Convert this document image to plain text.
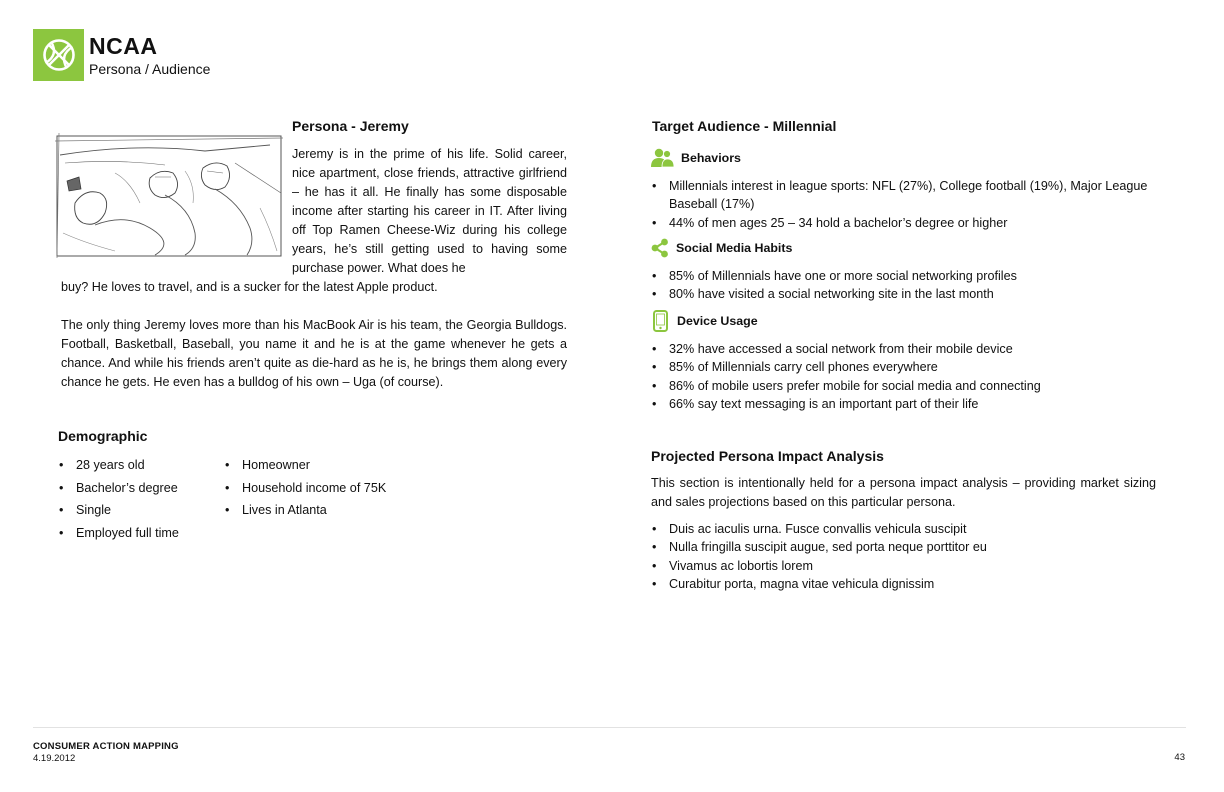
NCAA
Persona / Audience
Persona - Jeremy
Jeremy is in the prime of his life. Solid career, nice apartment, close friends, attractive girlfriend – he has it all. He finally has some disposable income after starting his career in IT. After living off Top Ramen Cheese-Wiz during his college years, he’s still getting used to having some purchase power. What does he
buy? He loves to travel, and is a sucker for the latest Apple product.
The only thing Jeremy loves more than his MacBook Air is his team, the Georgia Bulldogs. Football, Basketball, Baseball, you name it and he is at the game whenever he gets a chance. And while his friends aren’t quite as die-hard as he is, he brings them along every chance he gets. He even has a bulldog of his own – Uga (of course).
Demographic
• 28 years old
• Bachelor’s degree
• Single
• Employed full time
• Homeowner
• Household income of 75K
• Lives in Atlanta
Target Audience - Millennial
Behaviors
• Millennials interest in league sports: NFL (27%), College football (19%), Major League Baseball (17%)
• 44% of men ages 25 – 34 hold a bachelor’s degree or higher
Social Media Habits
• 85% of Millennials have one or more social networking profiles
• 80% have visited a social networking site in the last month
Device Usage
• 32% have accessed a social network from their mobile device
• 85% of Millennials carry cell phones everywhere
• 86% of mobile users prefer mobile for social media and connecting
• 66% say text messaging is an important part of their life
Projected Persona Impact Analysis
This section is intentionally held for a persona impact analysis – providing market sizing and sales projections based on this particular persona.
• Duis ac iaculis urna. Fusce convallis vehicula suscipit
• Nulla fringilla suscipit augue, sed porta neque porttitor eu
• Vivamus ac lobortis lorem
• Curabitur porta, magna vitae vehicula dignissim
CONSUMER ACTION MAPPING
4.19.2012	43
